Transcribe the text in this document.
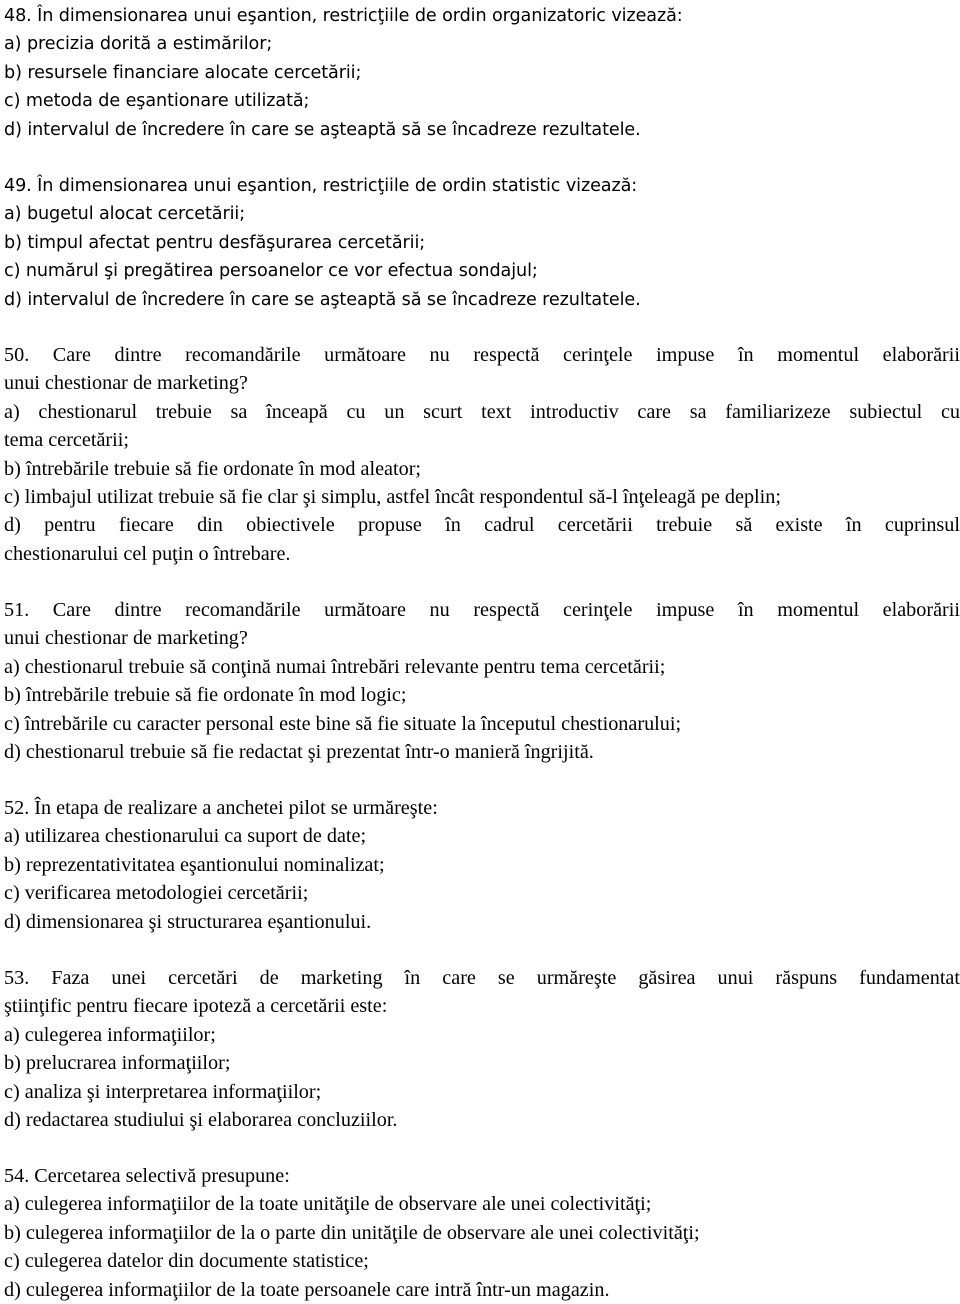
48. În dimensionarea unui eşantion, restricţiile de ordin organizatoric vizează:
a) precizia dorită a estimărilor;
b) resursele financiare alocate cercetării;
c) metoda de eşantionare utilizată;
d) intervalul de încredere în care se aşteaptă să se încadreze rezultatele.
49. În dimensionarea unui eşantion, restricţiile de ordin statistic vizează:
a) bugetul alocat cercetării;
b) timpul afectat pentru desfăşurarea cercetării;
c) numărul şi pregătirea persoanelor ce vor efectua sondajul;
d) intervalul de încredere în care se aşteaptă să se încadreze rezultatele.
50. Care dintre recomandările următoare nu respectă cerinţele impuse în momentul elaborării
unui chestionar de marketing?
a) chestionarul trebuie sa înceapă cu un scurt text introductiv care sa familiarizeze subiectul cu
tema cercetării;
b) întrebările trebuie să fie ordonate în mod aleator;
c) limbajul utilizat trebuie să fie clar şi simplu, astfel încât respondentul să-l înţeleagă pe deplin;
d) pentru fiecare din obiectivele propuse în cadrul cercetării trebuie să existe în cuprinsul
chestionarului cel puţin o întrebare.
51. Care dintre recomandările următoare nu respectă cerinţele impuse în momentul elaborării
unui chestionar de marketing?
a) chestionarul trebuie să conţină numai întrebări relevante pentru tema cercetării;
b) întrebările trebuie să fie ordonate în mod logic;
c) întrebările cu caracter personal este bine să fie situate la începutul chestionarului;
d) chestionarul trebuie să fie redactat şi prezentat într-o manieră îngrijită.
52. În etapa de realizare a anchetei pilot se urmăreşte:
a) utilizarea chestionarului ca suport de date;
b) reprezentativitatea eşantionului nominalizat;
c) verificarea metodologiei cercetării;
d) dimensionarea şi structurarea eşantionului.
53. Faza unei cercetări de marketing în care se urmăreşte găsirea unui răspuns fundamentat
ştiinţific pentru fiecare ipoteză a cercetării este:
a) culegerea informaţiilor;
b) prelucrarea informaţiilor;
c) analiza şi interpretarea informaţiilor;
d) redactarea studiului şi elaborarea concluziilor.
54. Cercetarea selectivă presupune:
a) culegerea informaţiilor de la toate unităţile de observare ale unei colectivităţi;
b) culegerea informaţiilor de la o parte din unităţile de observare ale unei colectivităţi;
c) culegerea datelor din documente statistice;
d) culegerea informaţiilor de la toate persoanele care intră într-un magazin.
